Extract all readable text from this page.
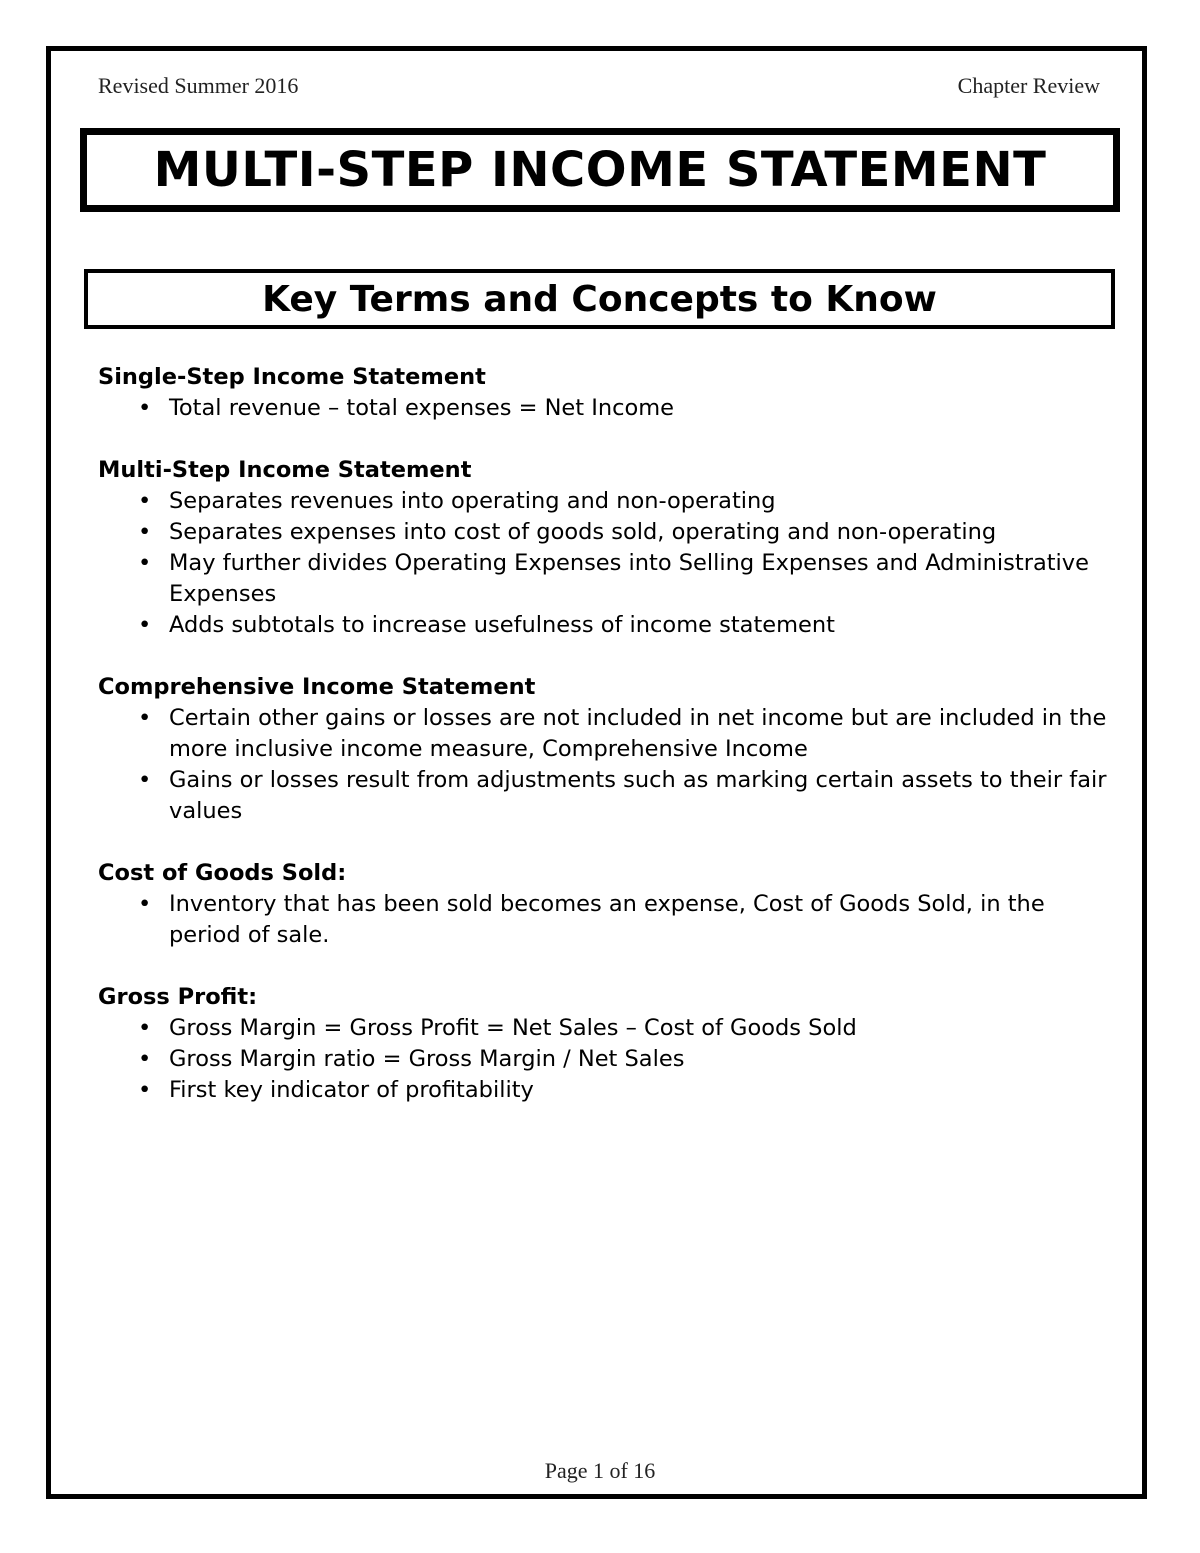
Revised Summer 2016	Chapter Review
MULTI-STEP INCOME STATEMENT
Key Terms and Concepts to Know

Single-Step Income Statement

• Total revenue – total expenses = Net Income

Multi-Step Income Statement

• Separates revenues into operating and non-operating
• Separates expenses into cost of goods sold, operating and non-operating
• May further divides Operating Expenses into Selling Expenses and Administrative Expenses
• Adds subtotals to increase usefulness of income statement

Comprehensive Income Statement

• Certain other gains or losses are not included in net income but are included in the more inclusive income measure, Comprehensive Income
• Gains or losses result from adjustments such as marking certain assets to their fair values

Cost of Goods Sold:

• Inventory that has been sold becomes an expense, Cost of Goods Sold, in the period of sale.

Gross Profit:

• Gross Margin = Gross Profit = Net Sales – Cost of Goods Sold
• Gross Margin ratio = Gross Margin / Net Sales
• First key indicator of profitability
Page 1 of 16
